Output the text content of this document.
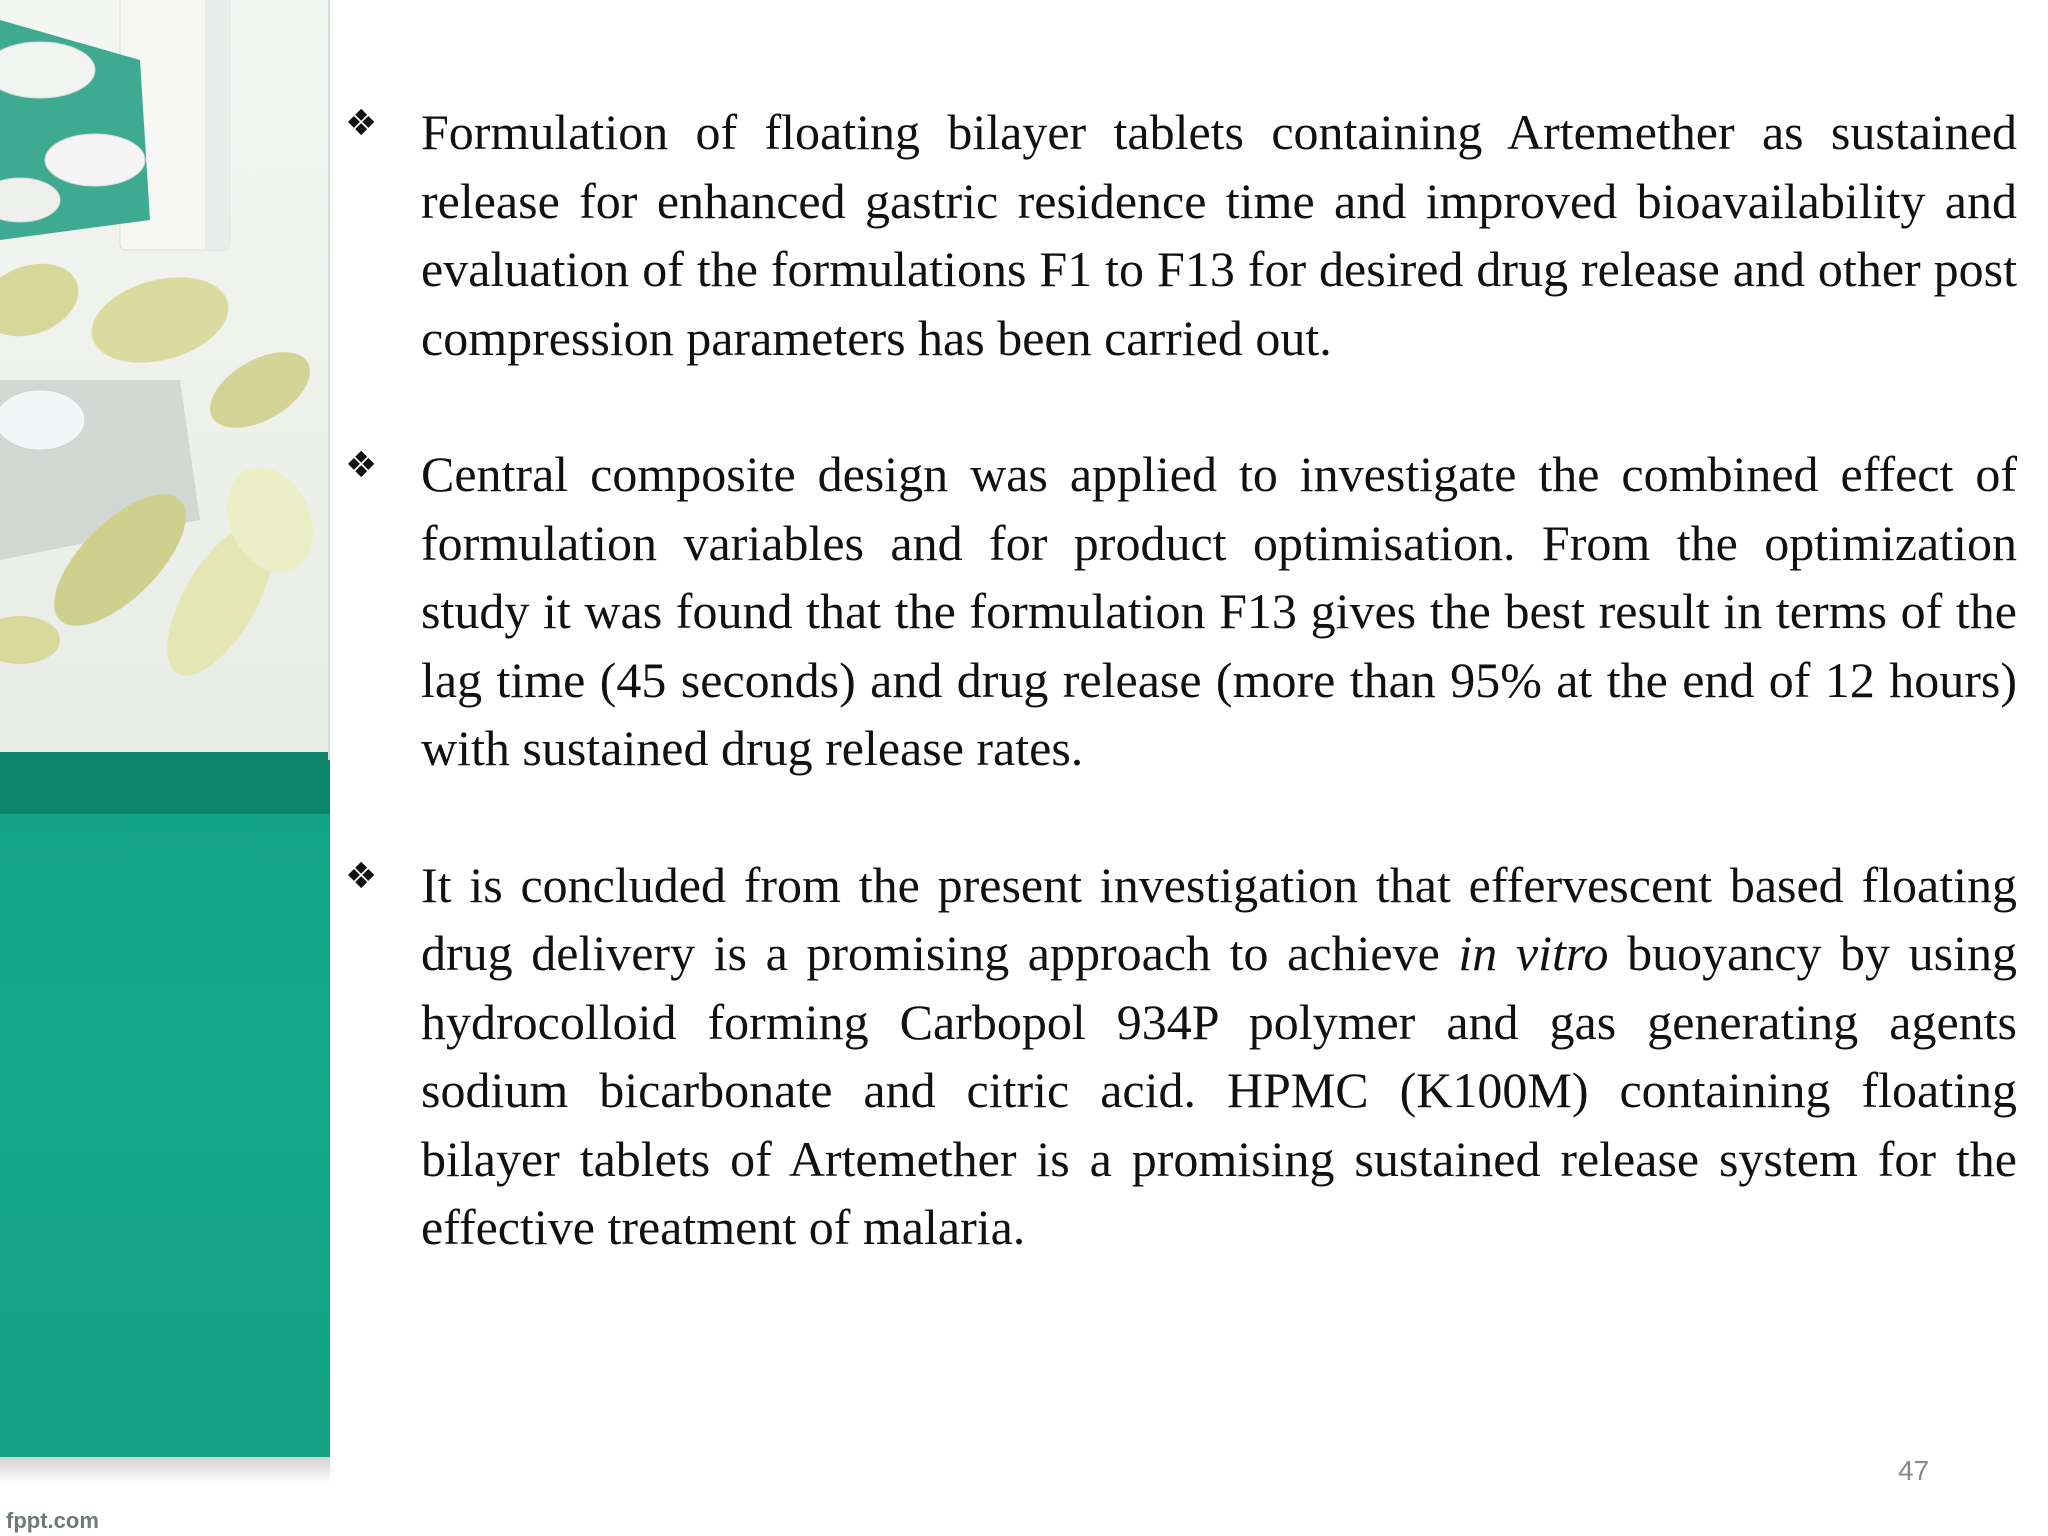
fppt.com
❖ Formulation of floating bilayer tablets containing Artemether as sustained release for enhanced gastric residence time and improved bioavailability and evaluation of the formulations F1 to F13 for desired drug release and other post compression parameters has been carried out.

❖ Central composite design was applied to investigate the combined effect of formulation variables and for product optimisation. From the optimization study it was found that the formulation F13 gives the best result in terms of the lag time (45 seconds) and drug release (more than 95% at the end of 12 hours) with sustained drug release rates.

❖ It is concluded from the present investigation that effervescent based floating drug delivery is a promising approach to achieve in vitro buoyancy by using hydrocolloid forming Carbopol 934P polymer and gas generating agents sodium bicarbonate and citric acid. HPMC (K100M) containing floating bilayer tablets of Artemether is a promising sustained release system for the effective treatment of malaria.

47
